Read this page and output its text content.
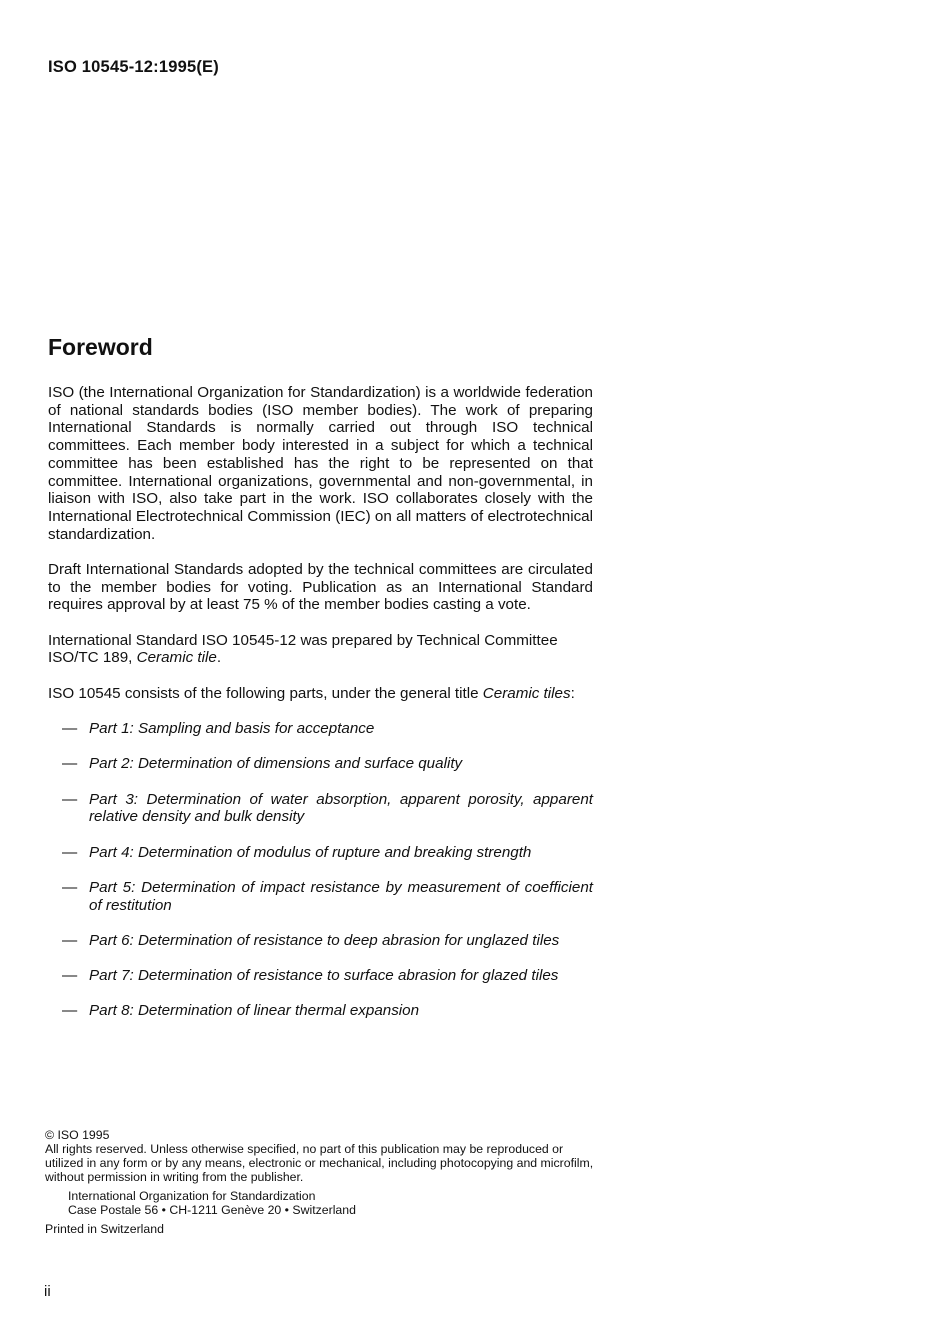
ISO 10545-12:1995(E)
Foreword

ISO (the International Organization for Standardization) is a worldwide federation of national standards bodies (ISO member bodies). The work of preparing International Standards is normally carried out through ISO technical committees. Each member body interested in a subject for which a technical committee has been established has the right to be represented on that committee. International organizations, governmental and non-governmental, in liaison with ISO, also take part in the work. ISO collaborates closely with the International Electrotechnical Commission (IEC) on all matters of electrotechnical standardization.

Draft International Standards adopted by the technical committees are circulated to the member bodies for voting. Publication as an International Standard requires approval by at least 75 % of the member bodies casting a vote.

International Standard ISO 10545-12 was prepared by Technical Committee ISO/TC 189, Ceramic tile.

ISO 10545 consists of the following parts, under the general title Ceramic tiles:

— Part 1: Sampling and basis for acceptance
— Part 2: Determination of dimensions and surface quality
— Part 3: Determination of water absorption, apparent porosity, apparent relative density and bulk density
— Part 4: Determination of modulus of rupture and breaking strength
— Part 5: Determination of impact resistance by measurement of coefficient of restitution
— Part 6: Determination of resistance to deep abrasion for unglazed tiles
— Part 7: Determination of resistance to surface abrasion for glazed tiles
— Part 8: Determination of linear thermal expansion
© ISO 1995
All rights reserved. Unless otherwise specified, no part of this publication may be reproduced or utilized in any form or by any means, electronic or mechanical, including photocopying and microfilm, without permission in writing from the publisher.
International Organization for Standardization
Case Postale 56 • CH-1211 Genève 20 • Switzerland
Printed in Switzerland
ii
